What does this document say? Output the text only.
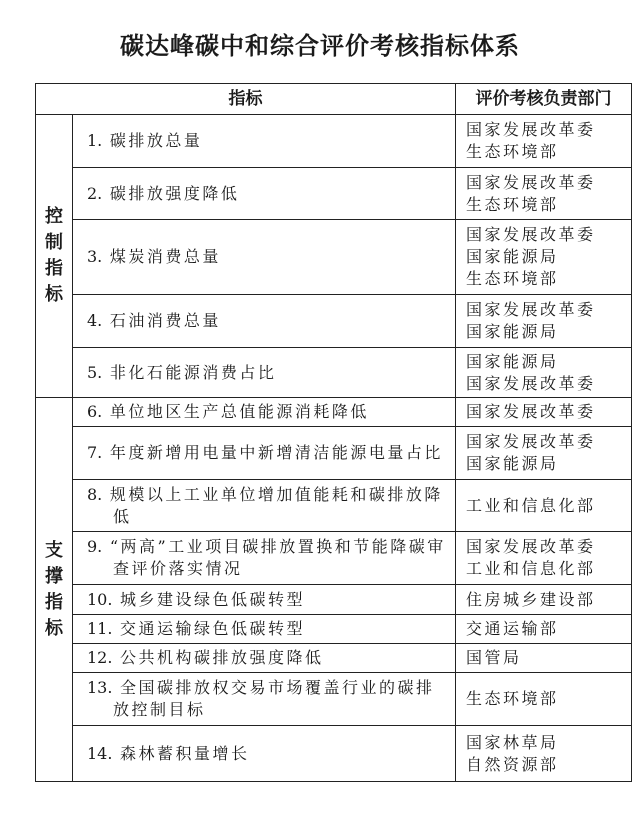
碳达峰碳中和综合评价考核指标体系
指标		评价考核负责部门
控制指标	1. 碳排放总量	国家发展改革委
生态环境部

	2. 碳排放强度降低	国家发展改革委
生态环境部

	3. 煤炭消费总量	国家发展改革委
国家能源局
生态环境部

	4. 石油消费总量	国家发展改革委
国家能源局

	5. 非化石能源消费占比	国家能源局
国家发展改革委

支撑指标	6. 单位地区生产总值能源消耗降低	国家发展改革委

	7. 年度新增用电量中新增清洁能源电量占比	国家发展改革委
国家能源局

	8. 规模以上工业单位增加值能耗和碳排放降低	工业和信息化部

	9. “两高”工业项目碳排放置换和节能降碳审查评价落实情况	国家发展改革委
工业和信息化部

	10. 城乡建设绿色低碳转型	住房城乡建设部

	11. 交通运输绿色低碳转型	交通运输部

	12. 公共机构碳排放强度降低	国管局

	13. 全国碳排放权交易市场覆盖行业的碳排放控制目标	生态环境部

	14. 森林蓄积量增长	国家林草局
自然资源部
